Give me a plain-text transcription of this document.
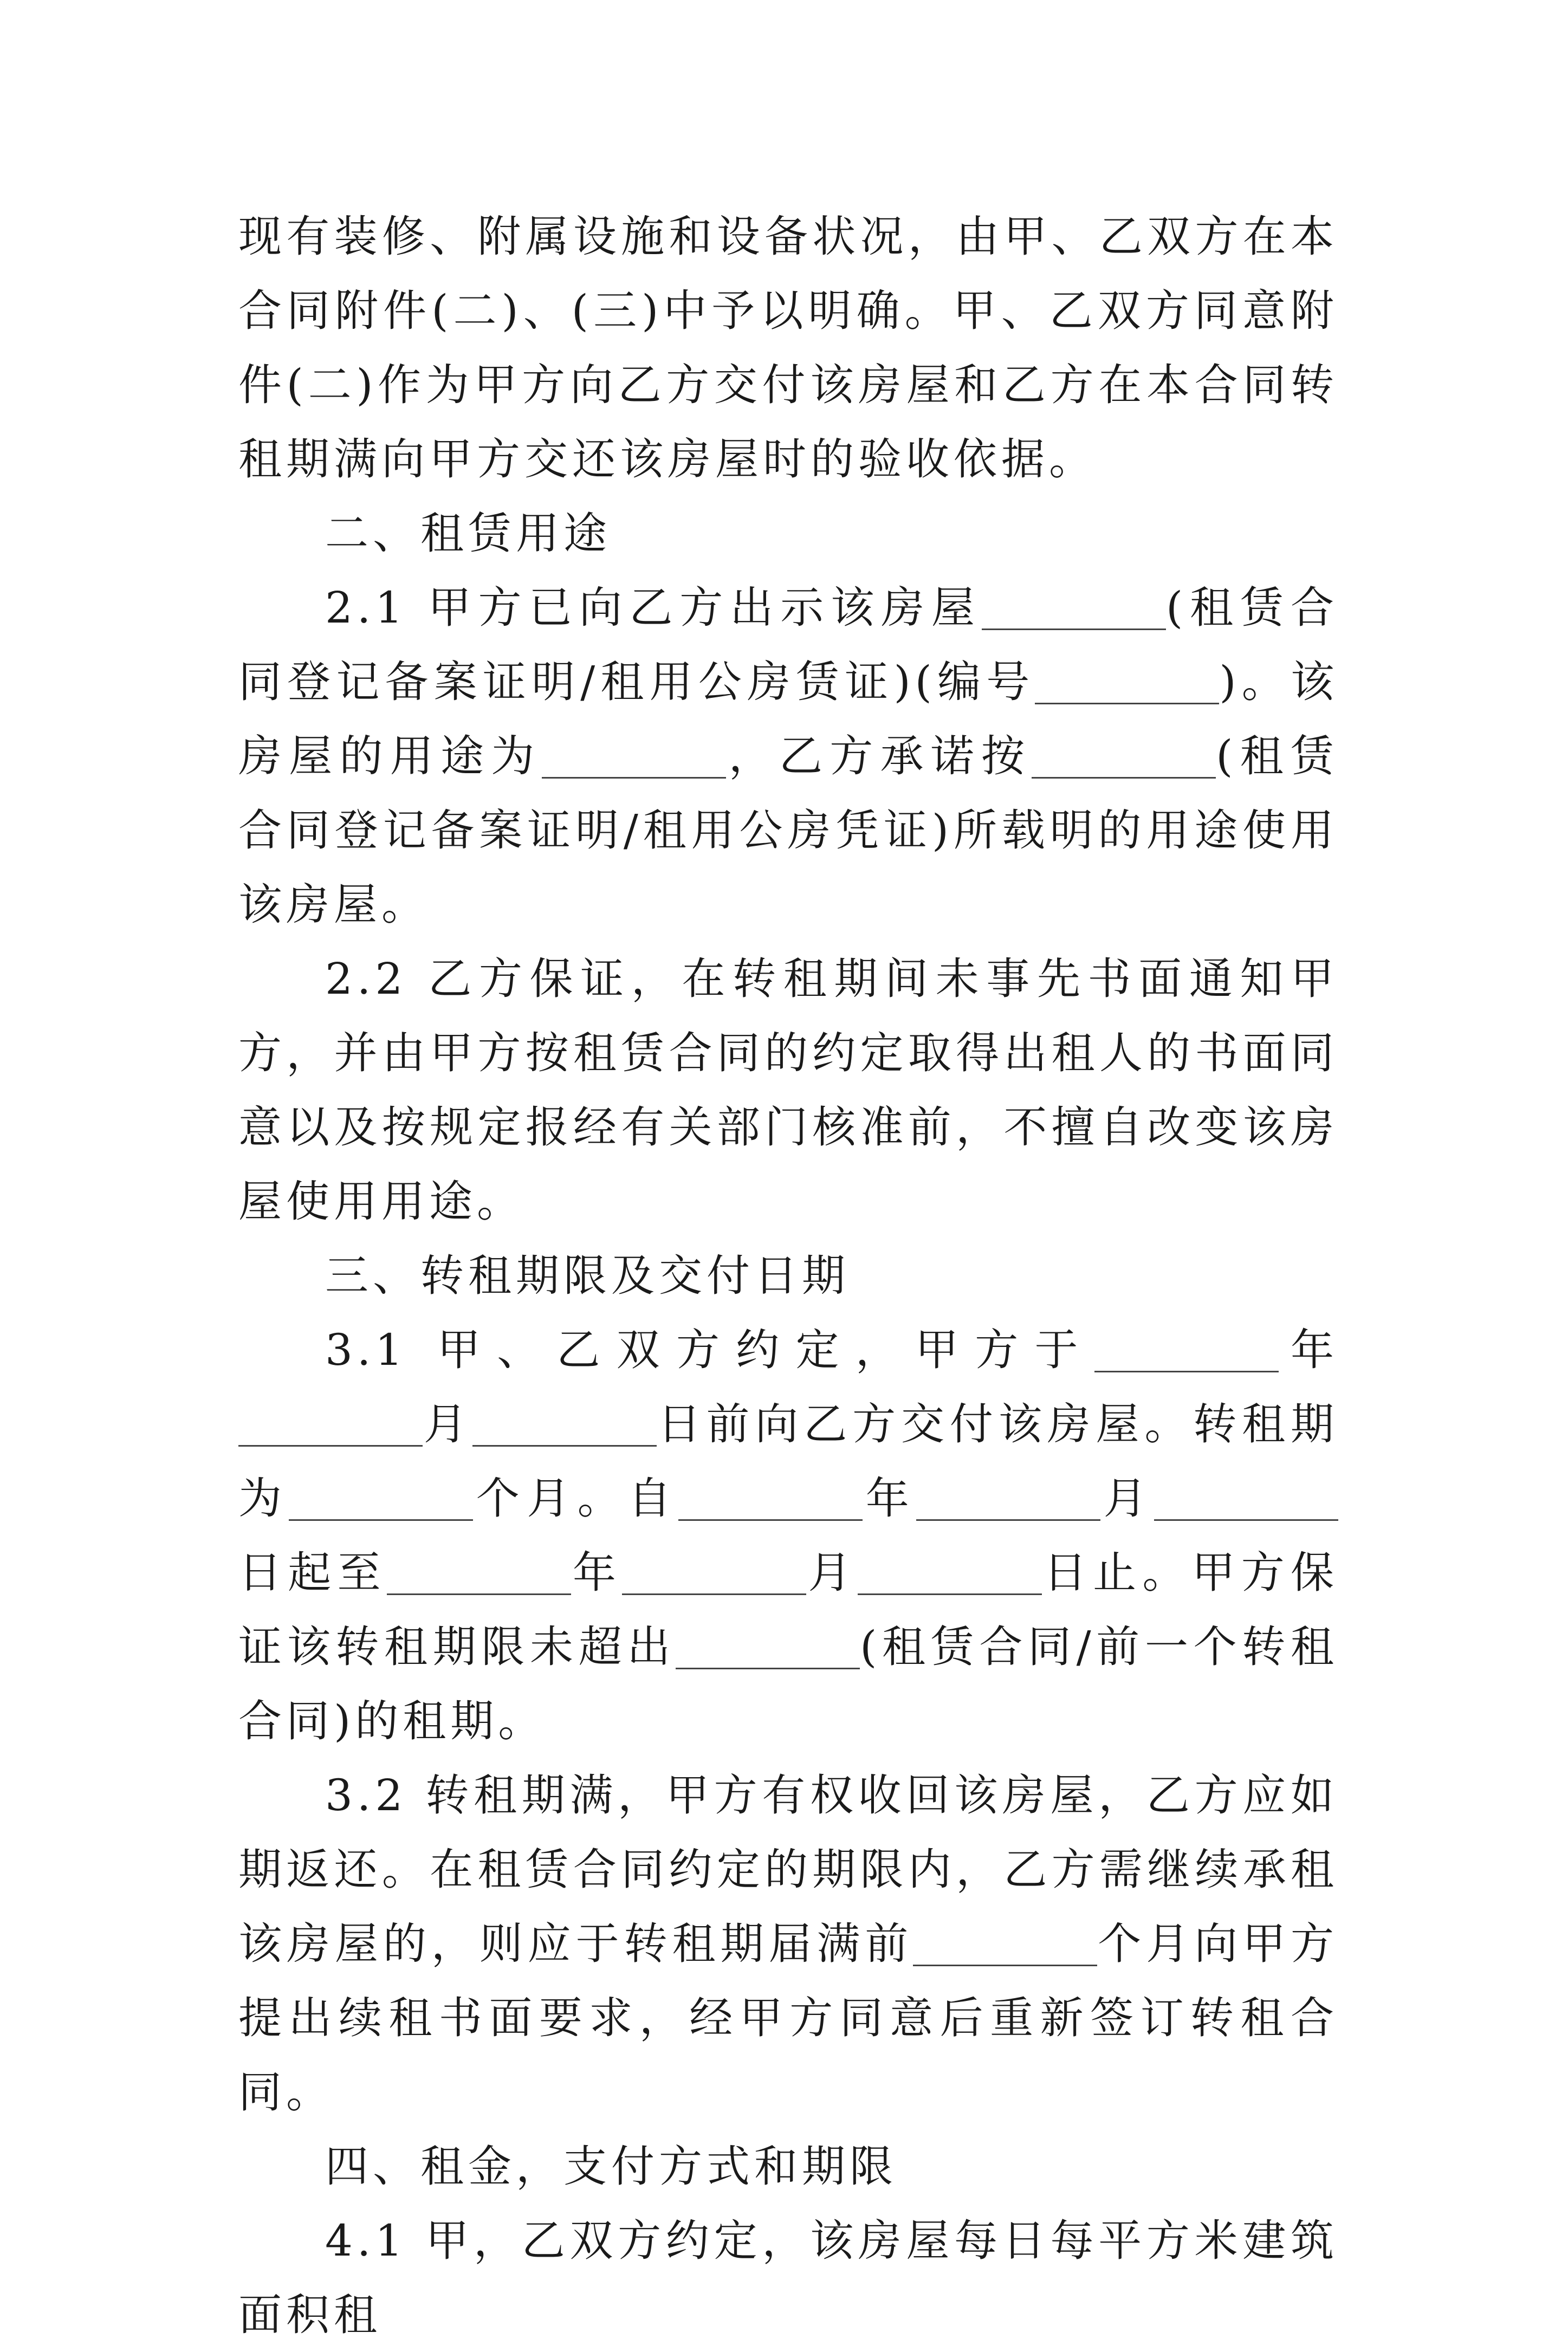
现有装修、附属设施和设备状况，由甲、乙双方在本合同附件(二)、(三)中予以明确。甲、乙双方同意附件(二)作为甲方向乙方交付该房屋和乙方在本合同转租期满向甲方交还该房屋时的验收依据。

二、租赁用途

2.1 甲方已向乙方出示该房屋	(租赁合同登记备案证明/租用公房赁证)(编号	)。该房屋的用途为	，乙方承诺按	(租赁合同登记备案证明/租用公房凭证)所载明的用途使用该房屋。

2.2 乙方保证，在转租期间未事先书面通知甲方，并由甲方按租赁合同的约定取得出租人的书面同意以及按规定报经有关部门核准前，不擅自改变该房屋使用用途。

三、转租期限及交付日期

3.1 甲、乙双方约定，甲方于	年月	日前向乙方交付该房屋。转租期为	个月。自	年	月日起至	年	月	日止。甲方保证该转租期限未超出	(租赁合同/前一个转租合同)的租期。

3.2 转租期满，甲方有权收回该房屋，乙方应如期返还。在租赁合同约定的期限内，乙方需继续承租该房屋的，则应于转租期届满前	个月向甲方提出续租书面要求，经甲方同意后重新签订转租合同。

四、租金，支付方式和期限

4.1 甲，乙双方约定，该房屋每日每平方米建筑面积租
